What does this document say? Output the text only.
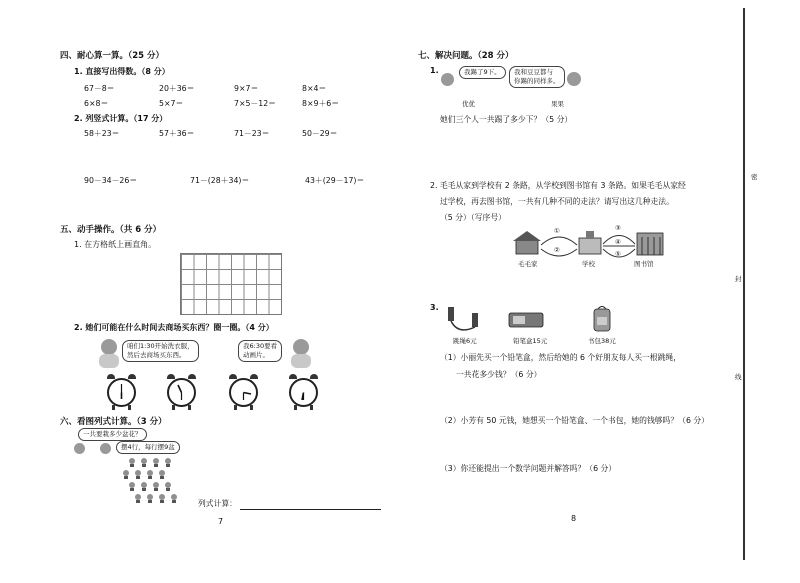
四、耐心算一算。（25 分）
1. 直接写出得数。（8 分）
67－8＝	20＋36＝	9×7＝	8×4＝
6×8＝	5×7＝	7×5－12＝	8×9＋6＝
2. 列竖式计算。（17 分）
58＋23＝	57＋36＝	71－23＝	50－29＝
90－34－26＝	71－(28＋34)＝	43＋(29－17)＝
五、动手操作。（共 6 分）
1. 在方格纸上画直角。
2. 她们可能在什么时间去商场买东西？圈一圈。（4 分）
咱们1:30开始洗衣服，
然后去商场买东西。
我6:30要看
动画片。
六、看图列式计算。（3 分）
一共要栽多少盆花？
摆4行，每行摆9盆
列式计算：
7
七、解决问题。（28 分）
1.	我踢了9下。	我和豆豆都与
你踢的同样多。
优优	果果
她们三个人一共踢了多少下？（5 分）
2. 毛毛从家到学校有 2 条路，从学校到图书馆有 3 条路。如果毛毛从家经
过学校，再去图书馆，一共有几种不同的走法？请写出这几种走法。
（5 分）（写序号）
①
②
③
④
⑤
毛毛家	学校	图书馆
3.
跳绳6元	铅笔盒15元	书包38元
（1）小丽先买一个铅笔盒，然后给她的 6 个好朋友每人买一根跳绳，
一共花多少钱？（6 分）
（2）小芳有 50 元钱，她想买一个铅笔盒、一个书包，她的钱够吗？（6 分）
（3）你还能提出一个数学问题并解答吗？（6 分）
8
密
封
线
